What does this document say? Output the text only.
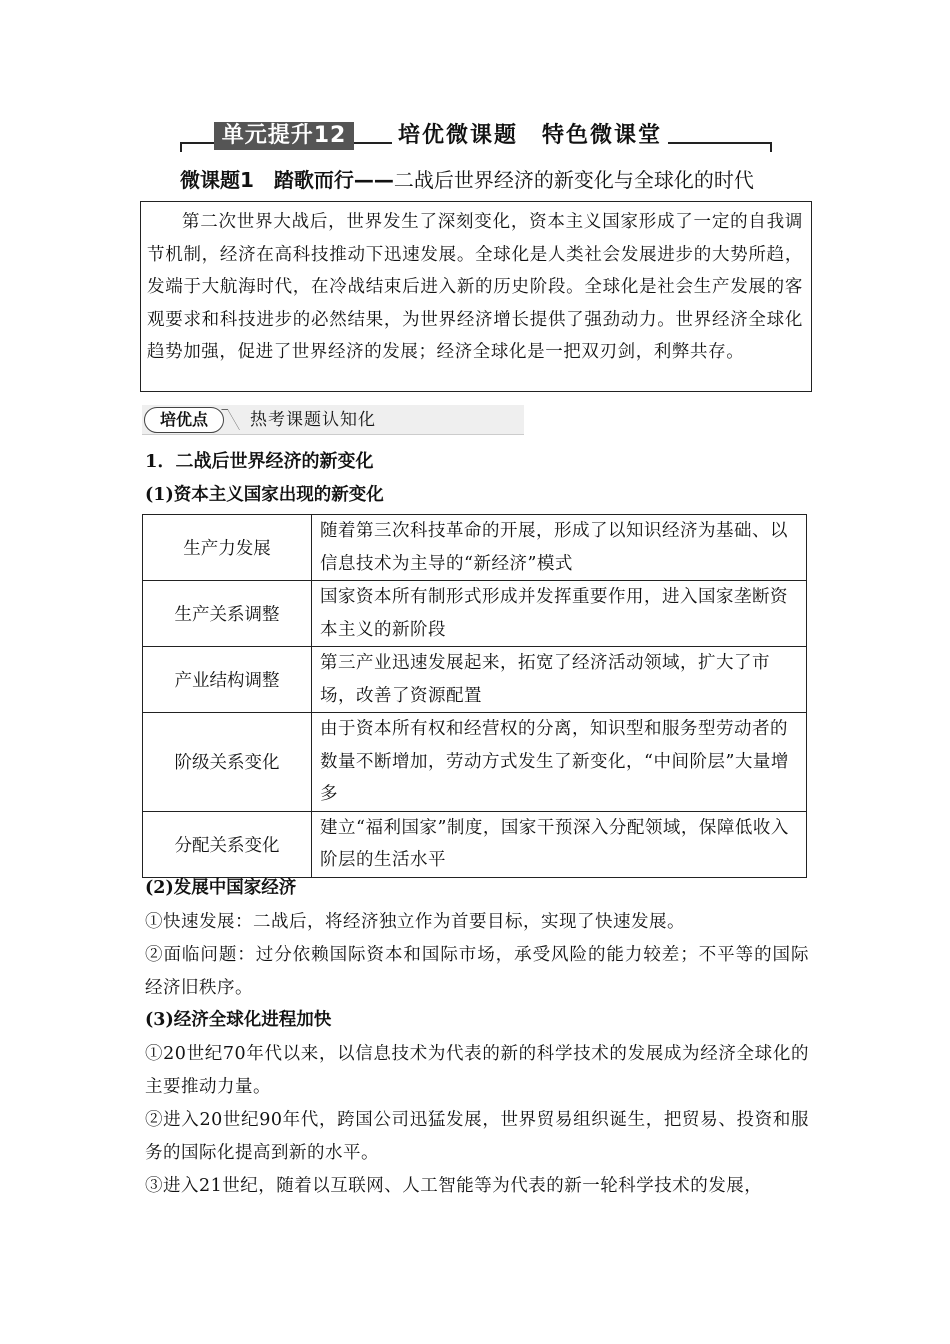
单元提升12	培优微课题　特色微课堂
微课题1　踏歌而行——二战后世界经济的新变化与全球化的时代
第二次世界大战后，世界发生了深刻变化，资本主义国家形成了一定的自我调节机制，经济在高科技推动下迅速发展。全球化是人类社会发展进步的大势所趋，发端于大航海时代，在冷战结束后进入新的历史阶段。全球化是社会生产发展的客观要求和科技进步的必然结果，为世界经济增长提供了强劲动力。世界经济全球化趋势加强，促进了世界经济的发展；经济全球化是一把双刃剑，利弊共存。
培优点	热考课题认知化
1．二战后世界经济的新变化
(1)资本主义国家出现的新变化
生产力发展	随着第三次科技革命的开展，形成了以知识经济为基础、以信息技术为主导的“新经济”模式
生产关系调整	国家资本所有制形式形成并发挥重要作用，进入国家垄断资本主义的新阶段
产业结构调整	第三产业迅速发展起来，拓宽了经济活动领域，扩大了市场，改善了资源配置
阶级关系变化	由于资本所有权和经营权的分离，知识型和服务型劳动者的数量不断增加，劳动方式发生了新变化，“中间阶层”大量增多
分配关系变化	建立“福利国家”制度，国家干预深入分配领域，保障低收入阶层的生活水平
(2)发展中国家经济
①快速发展：二战后，将经济独立作为首要目标，实现了快速发展。
②面临问题：过分依赖国际资本和国际市场，承受风险的能力较差；不平等的国际经济旧秩序。
(3)经济全球化进程加快
①20世纪70年代以来，以信息技术为代表的新的科学技术的发展成为经济全球化的主要推动力量。
②进入20世纪90年代，跨国公司迅猛发展，世界贸易组织诞生，把贸易、投资和服务的国际化提高到新的水平。
③进入21世纪，随着以互联网、人工智能等为代表的新一轮科学技术的发展，
